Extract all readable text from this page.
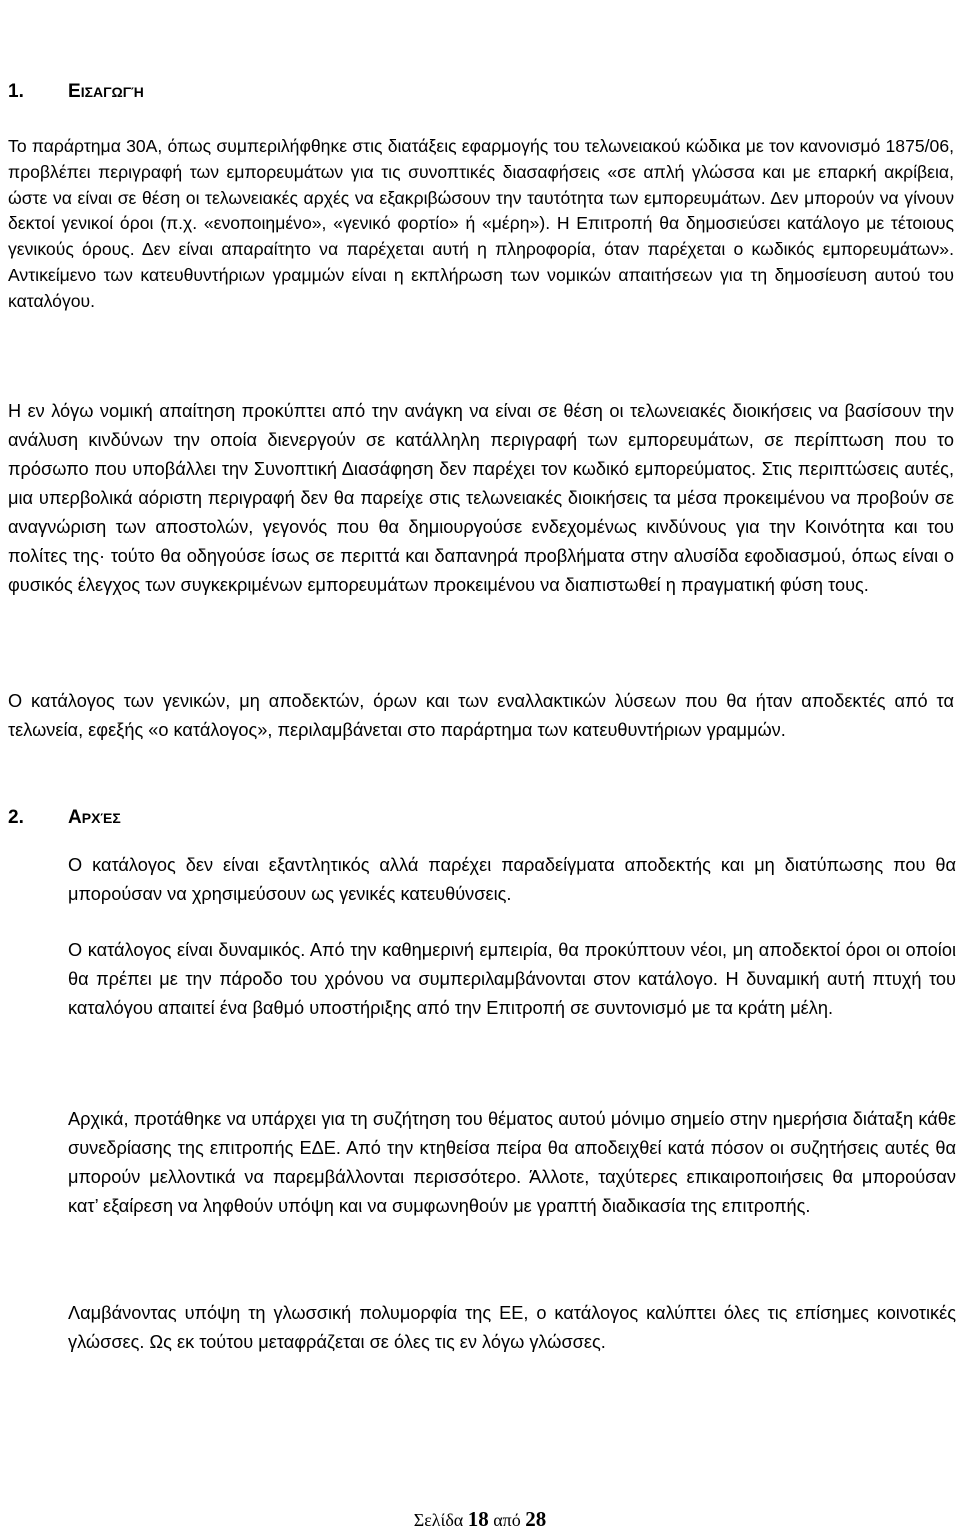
1. ΕΙΣΑΓΩΓΉ

Το παράρτημα 30Α, όπως συμπεριλήφθηκε στις διατάξεις εφαρμογής του τελωνειακού κώδικα με τον κανονισμό 1875/06, προβλέπει περιγραφή των εμπορευμάτων για τις συνοπτικές διασαφήσεις «σε απλή γλώσσα και με επαρκή ακρίβεια, ώστε να είναι σε θέση οι τελωνειακές αρχές να εξακριβώσουν την ταυτότητα των εμπορευμάτων. Δεν μπορούν να γίνουν δεκτοί γενικοί όροι (π.χ. «ενοποιημένο», «γενικό φορτίο» ή «μέρη»). Η Επιτροπή θα δημοσιεύσει κατάλογο με τέτοιους γενικούς όρους. Δεν είναι απαραίτητο να παρέχεται αυτή η πληροφορία, όταν παρέχεται ο κωδικός εμπορευμάτων». Αντικείμενο των κατευθυντήριων γραμμών είναι η εκπλήρωση των νομικών απαιτήσεων για τη δημοσίευση αυτού του καταλόγου.

Η εν λόγω νομική απαίτηση προκύπτει από την ανάγκη να είναι σε θέση οι τελωνειακές διοικήσεις να βασίσουν την ανάλυση κινδύνων την οποία διενεργούν σε κατάλληλη περιγραφή των εμπορευμάτων, σε περίπτωση που το πρόσωπο που υποβάλλει την Συνοπτική Διασάφηση δεν παρέχει τον κωδικό εμπορεύματος. Στις περιπτώσεις αυτές, μια υπερβολικά αόριστη περιγραφή δεν θα παρείχε στις τελωνειακές διοικήσεις τα μέσα προκειμένου να προβούν σε αναγνώριση των αποστολών, γεγονός που θα δημιουργούσε ενδεχομένως κινδύνους για την Κοινότητα και του πολίτες της· τούτο θα οδηγούσε ίσως σε περιττά και δαπανηρά προβλήματα στην αλυσίδα εφοδιασμού, όπως είναι ο φυσικός έλεγχος των συγκεκριμένων εμπορευμάτων προκειμένου να διαπιστωθεί η πραγματική φύση τους.

Ο κατάλογος των γενικών, μη αποδεκτών, όρων και των εναλλακτικών λύσεων που θα ήταν αποδεκτές από τα τελωνεία, εφεξής «ο κατάλογος», περιλαμβάνεται στο παράρτημα των κατευθυντήριων γραμμών.

2. ΑΡΧΈΣ

Ο κατάλογος δεν είναι εξαντλητικός αλλά παρέχει παραδείγματα αποδεκτής και μη διατύπωσης που θα μπορούσαν να χρησιμεύσουν ως γενικές κατευθύνσεις.

Ο κατάλογος είναι δυναμικός. Από την καθημερινή εμπειρία, θα προκύπτουν νέοι, μη αποδεκτοί όροι οι οποίοι θα πρέπει με την πάροδο του χρόνου να συμπεριλαμβάνονται στον κατάλογο. Η δυναμική αυτή πτυχή του καταλόγου απαιτεί ένα βαθμό υποστήριξης από την Επιτροπή σε συντονισμό με τα κράτη μέλη.

Αρχικά, προτάθηκε να υπάρχει για τη συζήτηση του θέματος αυτού μόνιμο σημείο στην ημερήσια διάταξη κάθε συνεδρίασης της επιτροπής ΕΔΕ. Από την κτηθείσα πείρα θα αποδειχθεί κατά πόσον οι συζητήσεις αυτές θα μπορούν μελλοντικά να παρεμβάλλονται περισσότερο. Άλλοτε, ταχύτερες επικαιροποιήσεις θα μπορούσαν κατ’ εξαίρεση να ληφθούν υπόψη και να συμφωνηθούν με γραπτή διαδικασία της επιτροπής.

Λαμβάνοντας υπόψη τη γλωσσική πολυμορφία της ΕΕ, ο κατάλογος καλύπτει όλες τις επίσημες κοινοτικές γλώσσες. Ως εκ τούτου μεταφράζεται σε όλες τις εν λόγω γλώσσες.

Σελίδα 18 από 28
